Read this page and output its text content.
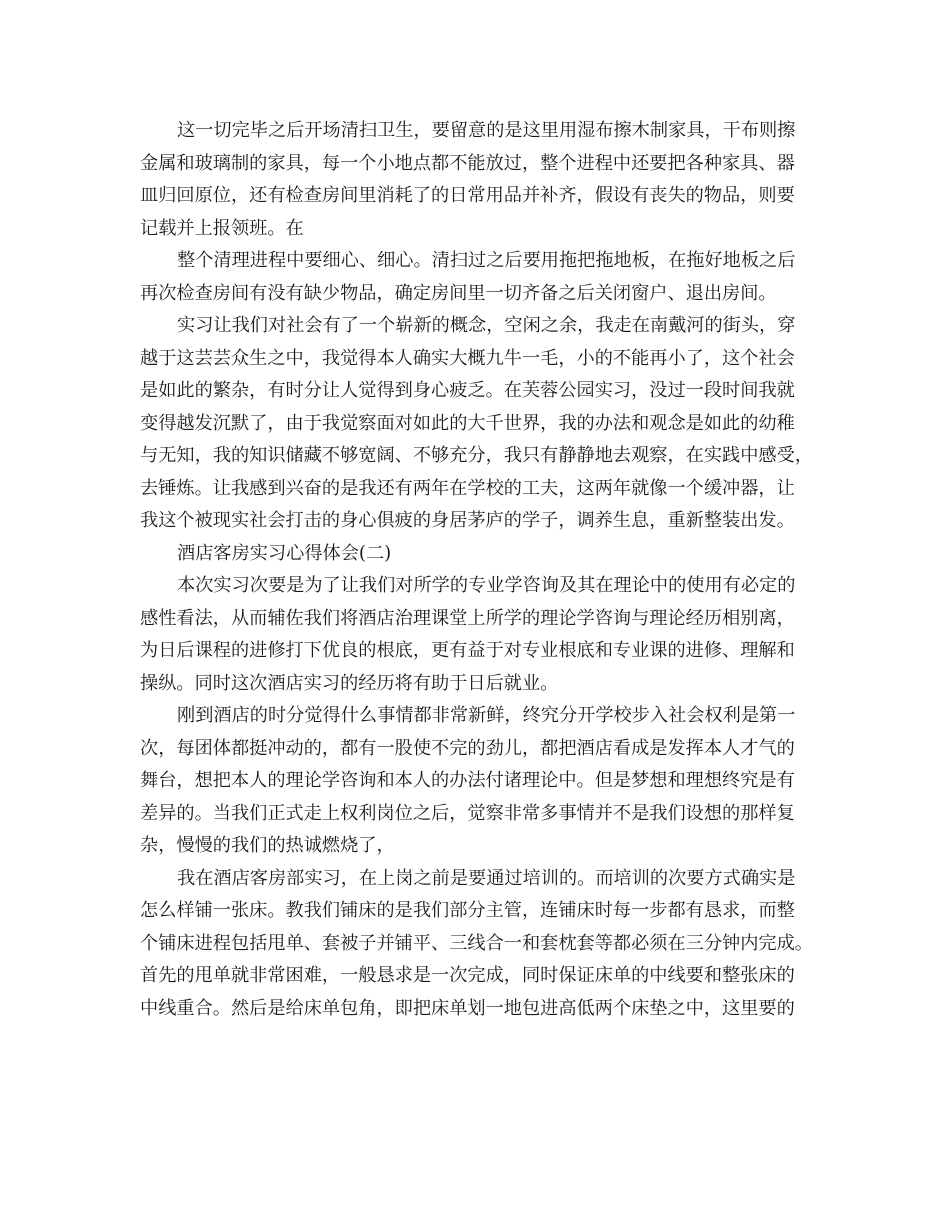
这一切完毕之后开场清扫卫生，要留意的是这里用湿布擦木制家具，干布则擦
金属和玻璃制的家具，每一个小地点都不能放过，整个进程中还要把各种家具、器
皿归回原位，还有检查房间里消耗了的日常用品并补齐，假设有丧失的物品，则要
记载并上报领班。在
整个清理进程中要细心、细心。清扫过之后要用拖把拖地板，在拖好地板之后
再次检查房间有没有缺少物品，确定房间里一切齐备之后关闭窗户、退出房间。
实习让我们对社会有了一个崭新的概念，空闲之余，我走在南戴河的街头，穿
越于这芸芸众生之中，我觉得本人确实大概九牛一毛，小的不能再小了，这个社会
是如此的繁杂，有时分让人觉得到身心疲乏。在芙蓉公园实习，没过一段时间我就
变得越发沉默了，由于我觉察面对如此的大千世界，我的办法和观念是如此的幼稚
与无知，我的知识储藏不够宽阔、不够充分，我只有静静地去观察，在实践中感受，
去锤炼。让我感到兴奋的是我还有两年在学校的工夫，这两年就像一个缓冲器，让
我这个被现实社会打击的身心俱疲的身居茅庐的学子，调养生息，重新整装出发。
酒店客房实习心得体会(二)
本次实习次要是为了让我们对所学的专业学咨询及其在理论中的使用有必定的
感性看法，从而辅佐我们将酒店治理课堂上所学的理论学咨询与理论经历相别离，
为日后课程的进修打下优良的根底，更有益于对专业根底和专业课的进修、理解和
操纵。同时这次酒店实习的经历将有助于日后就业。
刚到酒店的时分觉得什么事情都非常新鲜，终究分开学校步入社会权利是第一
次，每团体都挺冲动的，都有一股使不完的劲儿，都把酒店看成是发挥本人才气的
舞台，想把本人的理论学咨询和本人的办法付诸理论中。但是梦想和理想终究是有
差异的。当我们正式走上权利岗位之后，觉察非常多事情并不是我们设想的那样复
杂，慢慢的我们的热诚燃烧了，
我在酒店客房部实习，在上岗之前是要通过培训的。而培训的次要方式确实是
怎么样铺一张床。教我们铺床的是我们部分主管，连铺床时每一步都有恳求，而整
个铺床进程包括甩单、套被子并铺平、三线合一和套枕套等都必须在三分钟内完成。
首先的甩单就非常困难，一般恳求是一次完成，同时保证床单的中线要和整张床的
中线重合。然后是给床单包角，即把床单划一地包进高低两个床垫之中，这里要的
